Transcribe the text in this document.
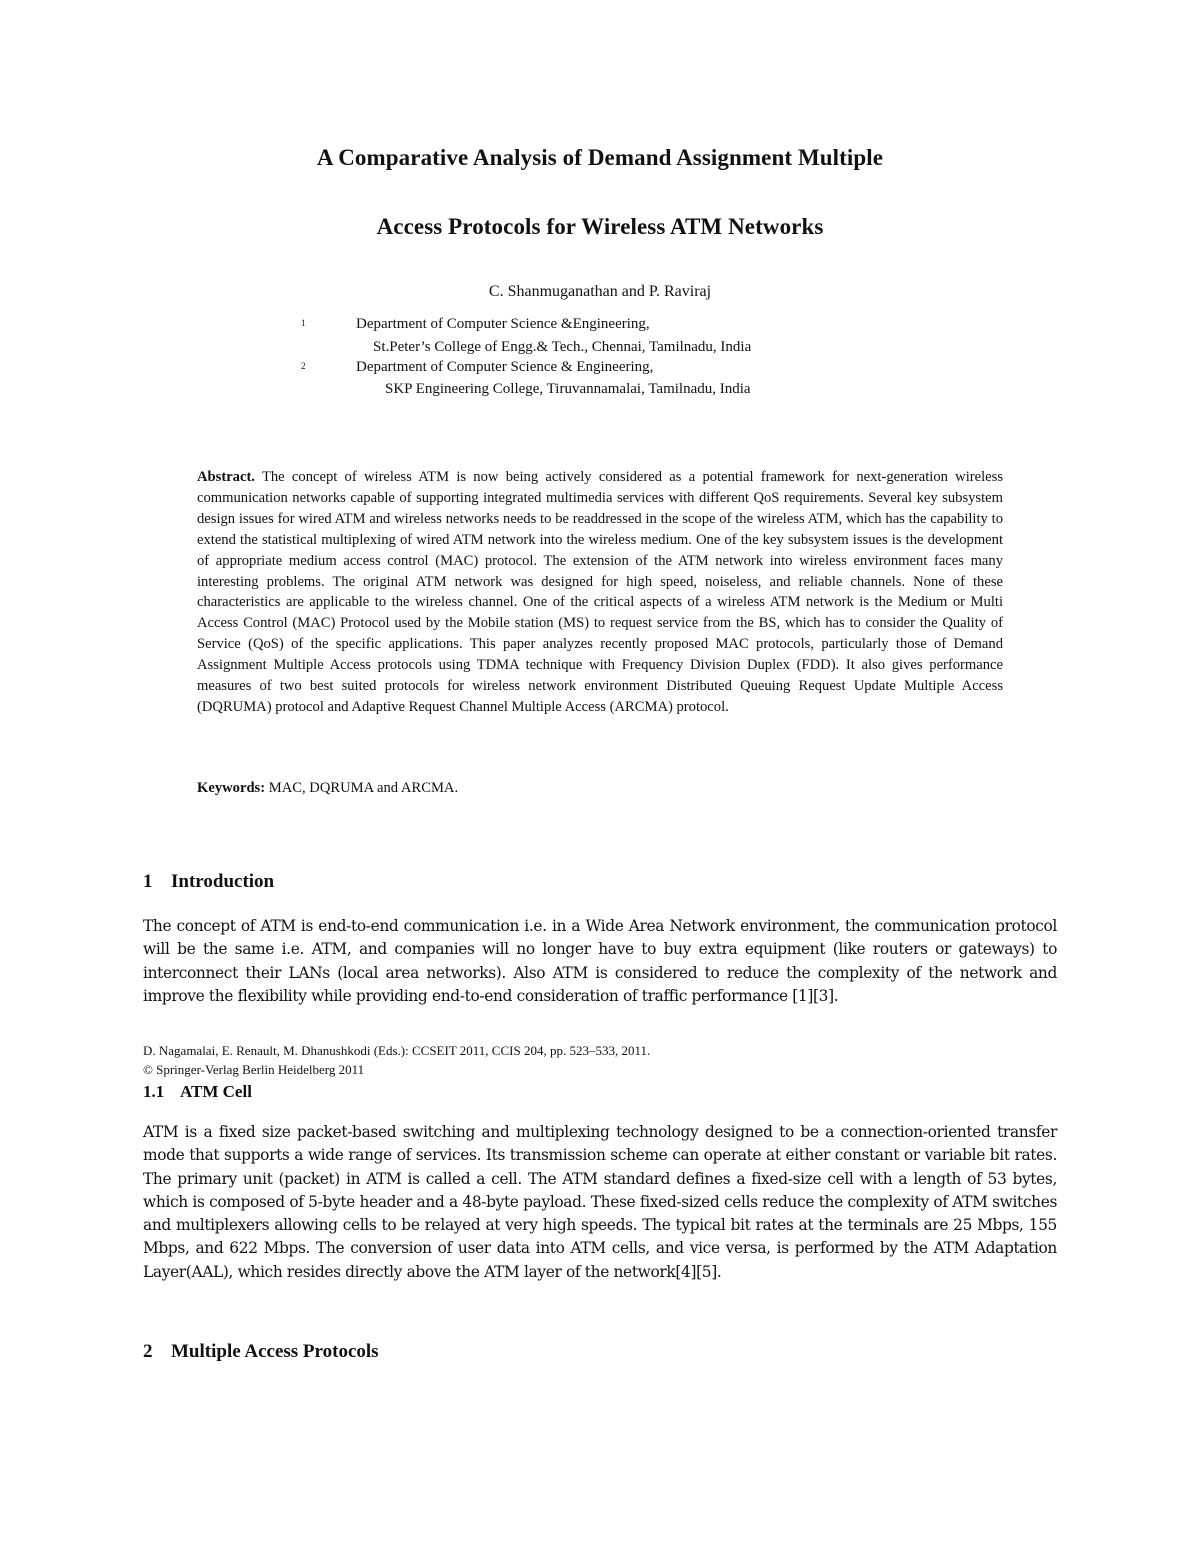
A Comparative Analysis of Demand Assignment Multiple
Access Protocols for Wireless ATM Networks
C. Shanmuganathan and P. Raviraj
1	Department of Computer Science &Engineering,
St.Peter’s College of Engg.& Tech., Chennai, Tamilnadu, India
2	Department of Computer Science & Engineering,
SKP Engineering College, Tiruvannamalai, Tamilnadu, India

Abstract. The concept of wireless ATM is now being actively considered as a potential framework for next-generation wireless communication networks capable of supporting integrated multimedia services with different QoS requirements. Several key subsystem design issues for wired ATM and wireless networks needs to be readdressed in the scope of the wireless ATM, which has the capability to extend the statistical multiplexing of wired ATM network into the wireless medium. One of the key subsystem issues is the development of appropriate medium access control (MAC) protocol. The extension of the ATM network into wireless environment faces many interesting problems. The original ATM network was designed for high speed, noiseless, and reliable channels. None of these characteristics are applicable to the wireless channel. One of the critical aspects of a wireless ATM network is the Medium or Multi Access Control (MAC) Protocol used by the Mobile station (MS) to request service from the BS, which has to consider the Quality of Service (QoS) of the specific applications. This paper analyzes recently proposed MAC protocols, particularly those of Demand Assignment Multiple Access protocols using TDMA technique with Frequency Division Duplex (FDD). It also gives performance measures of two best suited protocols for wireless network environment Distributed Queuing Request Update Multiple Access (DQRUMA) protocol and Adaptive Request Channel Multiple Access (ARCMA) protocol.

Keywords: MAC, DQRUMA and ARCMA.

1 Introduction

The concept of ATM is end-to-end communication i.e. in a Wide Area Network environment, the communication protocol will be the same i.e. ATM, and companies will no longer have to buy extra equipment (like routers or gateways) to interconnect their LANs (local area networks). Also ATM is considered to reduce the complexity of the network and improve the flexibility while providing end-to-end consideration of traffic performance [1][3].

D. Nagamalai, E. Renault, M. Dhanushkodi (Eds.): CCSEIT 2011, CCIS 204, pp. 523–533, 2011.

© Springer-Verlag Berlin Heidelberg 2011

1.1 ATM Cell

ATM is a fixed size packet-based switching and multiplexing technology designed to be a connection-oriented transfer mode that supports a wide range of services. Its transmission scheme can operate at either constant or variable bit rates. The primary unit (packet) in ATM is called a cell. The ATM standard defines a fixed-size cell with a length of 53 bytes, which is composed of 5-byte header and a 48-byte payload. These fixed-sized cells reduce the complexity of ATM switches and multiplexers allowing cells to be relayed at very high speeds. The typical bit rates at the terminals are 25 Mbps, 155 Mbps, and 622 Mbps. The conversion of user data into ATM cells, and vice versa, is performed by the ATM Adaptation Layer(AAL), which resides directly above the ATM layer of the network[4][5].

2 Multiple Access Protocols
